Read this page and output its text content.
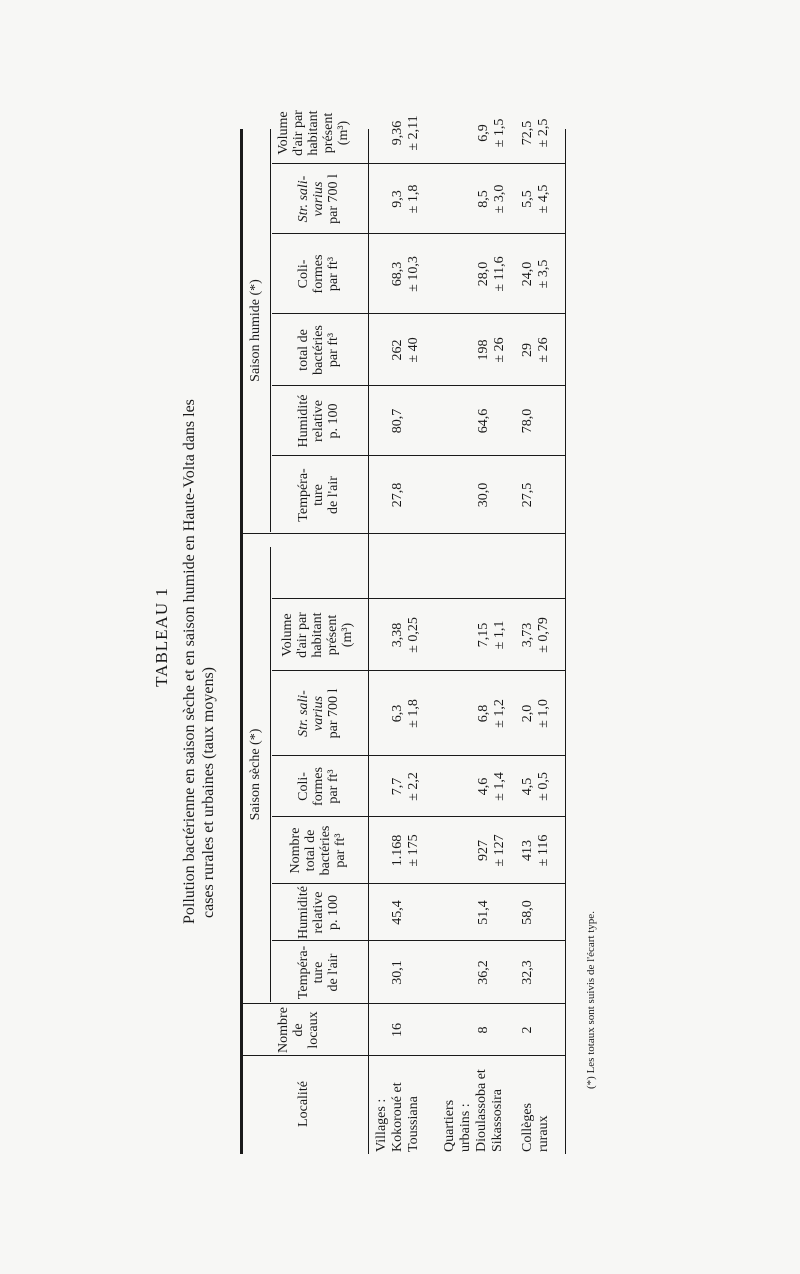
TABLEAU 1 Pollution bactérienne en saison sèche et en saison humide en Haute-Volta dans les cases rurales et urbaines (taux moyens)
Localité
Nombre de locaux
Saison sèche (*)
Saison humide (*)
Tempéra- ture de l'air
Humidité relative p. 100
Nombre total de bactéries par ft³
Coli- formes par ft³
Str. sali- varius par 700 l
Volume d'air par habitant présent (m³)
Tempéra- ture de l'air
Humidité relative p. 100
total de bactéries par ft³
Coli- formes par ft³
Str. sali- varius par 700 l
Volume d'air par habitant présent (m³)
Villages : Kokoroué et Toussiana
16
30,1
45,4
1.168 ± 175
7,7 ± 2,2
6,3 ± 1,8
3,38 ± 0,25
27,8
80,7
262 ± 40
68,3 ± 10,3
9,3 ± 1,8
9,36 ± 2,11
Quartiers urbains : Dioulassoba et Sikassosira
8
36,2
51,4
927 ± 127
4,6 ± 1,4
6,8 ± 1,2
7,15 ± 1,1
30,0
64,6
198 ± 26
28,0 ± 11,6
8,5 ± 3,0
6,9 ± 1,5
Collèges ruraux
2
32,3
58,0
413 ± 116
4,5 ± 0,5
2,0 ± 1,0
3,73 ± 0,79
27,5
78,0
29 ± 26
24,0 ± 3,5
5,5 ± 4,5
72,5 ± 2,5
(*) Les totaux sont suivis de l'écart type.
